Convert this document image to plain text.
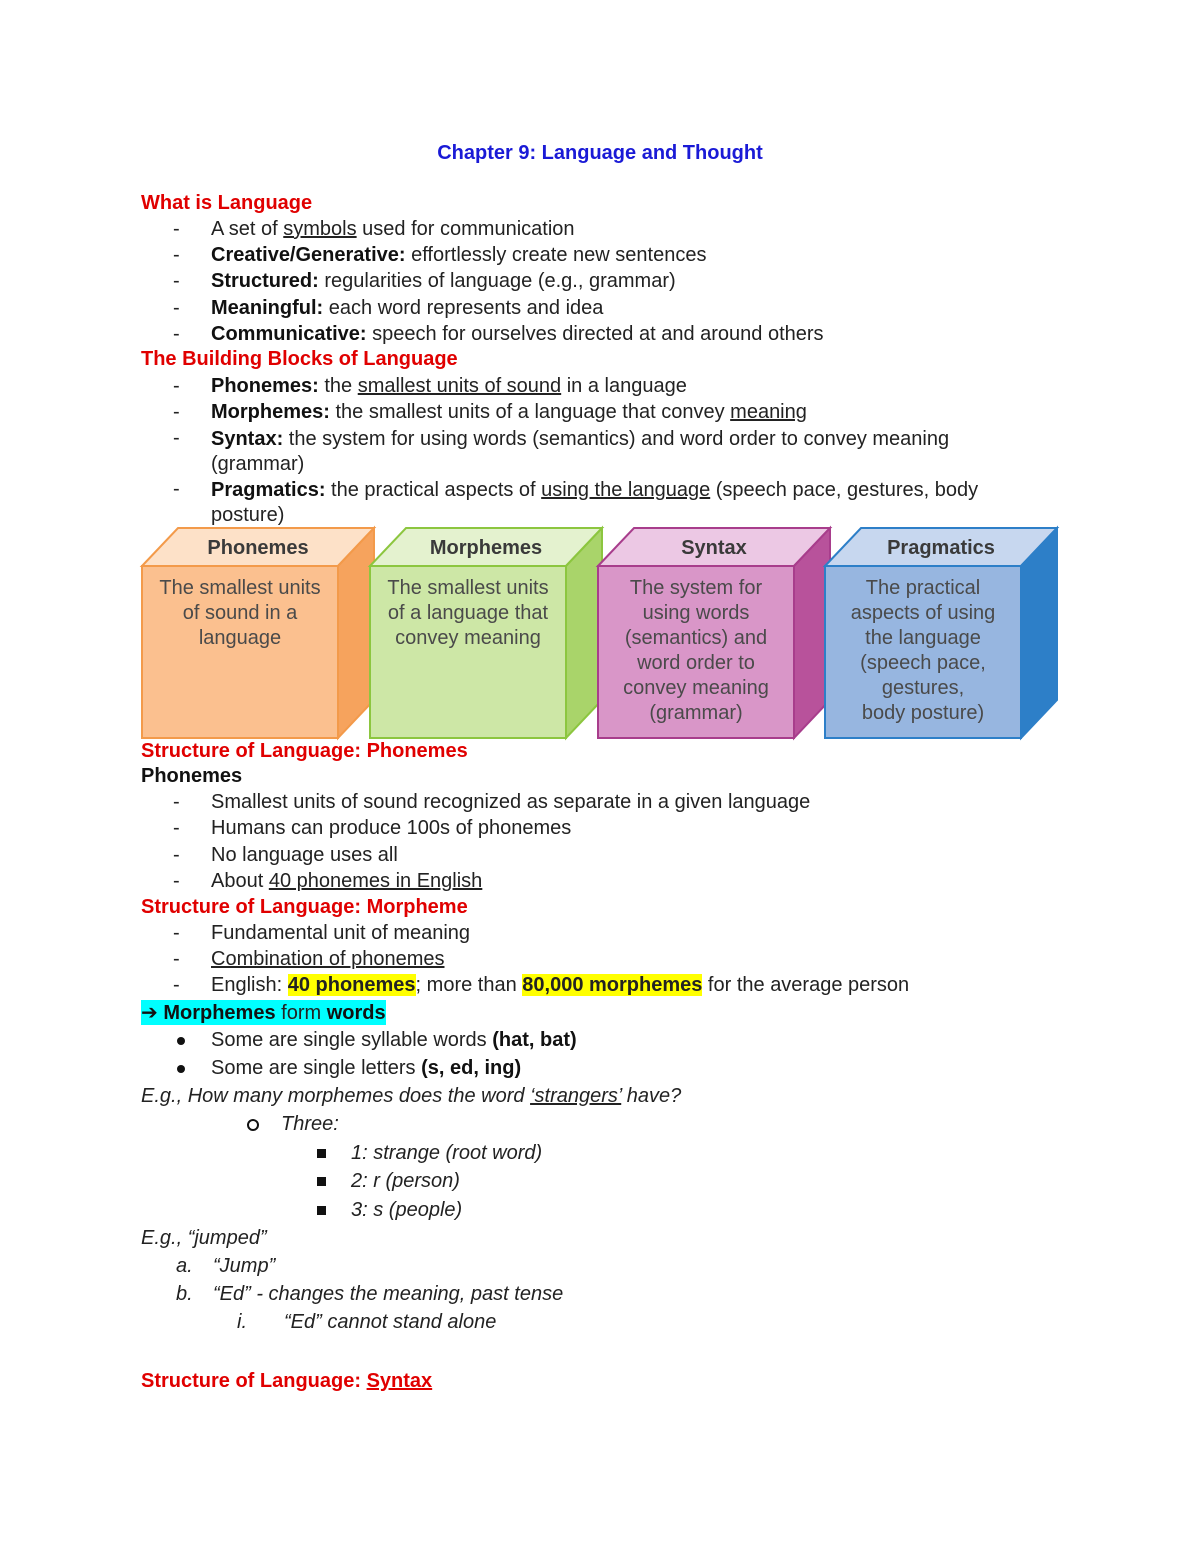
Chapter 9: Language and Thought
What is Language
- A set of symbols used for communication
- Creative/Generative: effortlessly create new sentences
- Structured: regularities of language (e.g., grammar)
- Meaningful: each word represents and idea
- Communicative: speech for ourselves directed at and around others
The Building Blocks of Language
- Phonemes: the smallest units of sound in a language
- Morphemes: the smallest units of a language that convey meaning
- Syntax: the system for using words (semantics) and word order to convey meaning (grammar)
- Pragmatics: the practical aspects of using the language (speech pace, gestures, body posture)
Phonemes
The smallest units
of sound in a
language
Morphemes
The smallest units
of a language that
convey meaning
Syntax
The system for
using words
(semantics) and
word order to
convey meaning
(grammar)
Pragmatics
The practical
aspects of using
the language
(speech pace,
gestures,
body posture)
Structure of Language: Phonemes
Phonemes
- Smallest units of sound recognized as separate in a given language
- Humans can produce 100s of phonemes
- No language uses all
- About 40 phonemes in English
Structure of Language: Morpheme
- Fundamental unit of meaning
- Combination of phonemes
- English: 40 phonemes; more than 80,000 morphemes for the average person
➔ Morphemes form words
Some are single syllable words (hat, bat)
Some are single letters (s, ed, ing)
E.g., How many morphemes does the word ‘strangers’ have?
Three:
1: strange (root word)
2: r (person)
3: s (people)
E.g., “jumped”
a. “Jump”
b. “Ed” - changes the meaning, past tense
i. “Ed” cannot stand alone
Structure of Language: Syntax
